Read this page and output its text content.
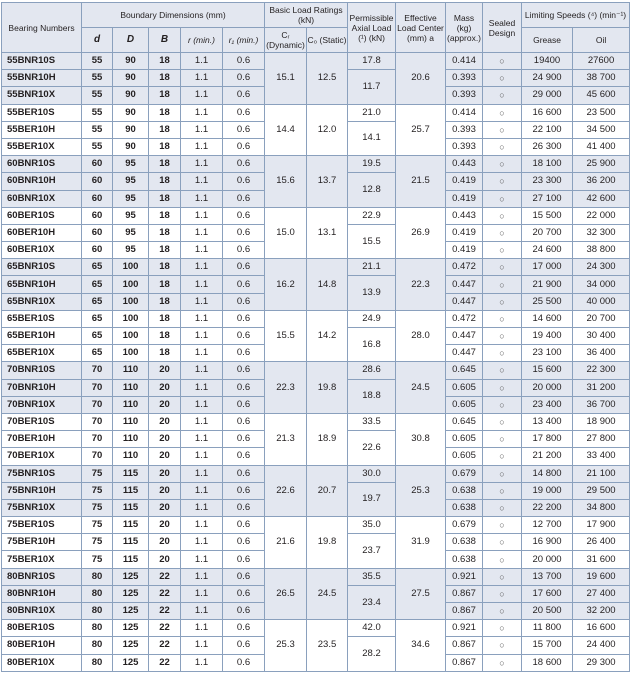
Bearing Numbers	Boundary Dimensions (mm)					Basic Load Ratings (kN)		Permissible Axial Load (¹) (kN)	Effective Load Center (mm) a	Mass (kg) (approx.)	Sealed Design	Limiting Speeds (⁴) (min⁻¹)	
	d	D	B	r (min.)	r₁ (min.)	Cᵣ (Dynamic)	C₀ (Static)					Grease	Oil
55BNR10S	55	90	18	1.1	0.6	15.1	12.5	17.8	20.6	0.414	○	19400	27600
55BNR10H	55	90	18	1.1	0.6			11.7		0.393	○	24 900	38 700
55BNR10X	55	90	18	1.1	0.6					0.393	○	29 000	45 600
55BER10S	55	90	18	1.1	0.6	14.4	12.0	21.0	25.7	0.414	○	16 600	23 500
55BER10H	55	90	18	1.1	0.6			14.1		0.393	○	22 100	34 500
55BER10X	55	90	18	1.1	0.6					0.393	○	26 300	41 400
60BNR10S	60	95	18	1.1	0.6	15.6	13.7	19.5	21.5	0.443	○	18 100	25 900
60BNR10H	60	95	18	1.1	0.6			12.8		0.419	○	23 300	36 200
60BNR10X	60	95	18	1.1	0.6					0.419	○	27 100	42 600
60BER10S	60	95	18	1.1	0.6	15.0	13.1	22.9	26.9	0.443	○	15 500	22 000
60BER10H	60	95	18	1.1	0.6			15.5		0.419	○	20 700	32 300
60BER10X	60	95	18	1.1	0.6					0.419	○	24 600	38 800
65BNR10S	65	100	18	1.1	0.6	16.2	14.8	21.1	22.3	0.472	○	17 000	24 300
65BNR10H	65	100	18	1.1	0.6			13.9		0.447	○	21 900	34 000
65BNR10X	65	100	18	1.1	0.6					0.447	○	25 500	40 000
65BER10S	65	100	18	1.1	0.6	15.5	14.2	24.9	28.0	0.472	○	14 600	20 700
65BER10H	65	100	18	1.1	0.6			16.8		0.447	○	19 400	30 400
65BER10X	65	100	18	1.1	0.6					0.447	○	23 100	36 400
70BNR10S	70	110	20	1.1	0.6	22.3	19.8	28.6	24.5	0.645	○	15 600	22 300
70BNR10H	70	110	20	1.1	0.6			18.8		0.605	○	20 000	31 200
70BNR10X	70	110	20	1.1	0.6					0.605	○	23 400	36 700
70BER10S	70	110	20	1.1	0.6	21.3	18.9	33.5	30.8	0.645	○	13 400	18 900
70BER10H	70	110	20	1.1	0.6			22.6		0.605	○	17 800	27 800
70BER10X	70	110	20	1.1	0.6					0.605	○	21 200	33 400
75BNR10S	75	115	20	1.1	0.6	22.6	20.7	30.0	25.3	0.679	○	14 800	21 100
75BNR10H	75	115	20	1.1	0.6			19.7		0.638	○	19 000	29 500
75BNR10X	75	115	20	1.1	0.6					0.638	○	22 200	34 800
75BER10S	75	115	20	1.1	0.6	21.6	19.8	35.0	31.9	0.679	○	12 700	17 900
75BER10H	75	115	20	1.1	0.6			23.7		0.638	○	16 900	26 400
75BER10X	75	115	20	1.1	0.6					0.638	○	20 000	31 600
80BNR10S	80	125	22	1.1	0.6	26.5	24.5	35.5	27.5	0.921	○	13 700	19 600
80BNR10H	80	125	22	1.1	0.6			23.4		0.867	○	17 600	27 400
80BNR10X	80	125	22	1.1	0.6					0.867	○	20 500	32 200
80BER10S	80	125	22	1.1	0.6	25.3	23.5	42.0	34.6	0.921	○	11 800	16 600
80BER10H	80	125	22	1.1	0.6			28.2		0.867	○	15 700	24 400
80BER10X	80	125	22	1.1	0.6					0.867	○	18 600	29 300
